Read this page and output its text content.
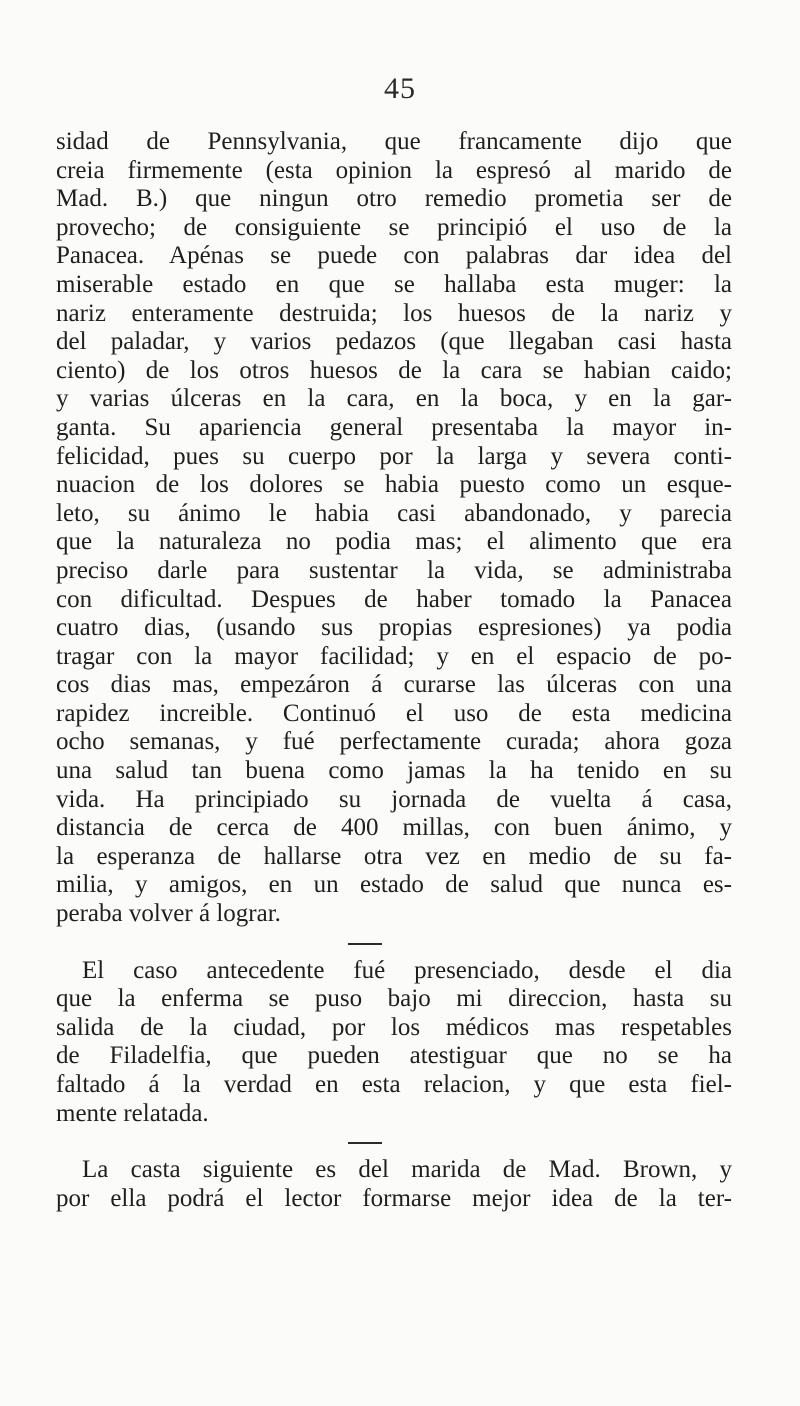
45

sidad de Pennsylvania, que francamente dijo que
creia firmemente (esta opinion la espresó al marido de
Mad. B.) que ningun otro remedio prometia ser de
provecho; de consiguiente se principió el uso de la
Panacea. Apénas se puede con palabras dar idea del
miserable estado en que se hallaba esta muger: la
nariz enteramente destruida; los huesos de la nariz y
del paladar, y varios pedazos (que llegaban casi hasta
ciento) de los otros huesos de la cara se habian caido;
y varias úlceras en la cara, en la boca, y en la gar-
ganta. Su apariencia general presentaba la mayor in-
felicidad, pues su cuerpo por la larga y severa conti-
nuacion de los dolores se habia puesto como un esque-
leto, su ánimo le habia casi abandonado, y parecia
que la naturaleza no podia mas; el alimento que era
preciso darle para sustentar la vida, se administraba
con dificultad. Despues de haber tomado la Panacea
cuatro dias, (usando sus propias espresiones) ya podia
tragar con la mayor facilidad; y en el espacio de po-
cos dias mas, empezáron á curarse las úlceras con una
rapidez increible. Continuó el uso de esta medicina
ocho semanas, y fué perfectamente curada; ahora goza
una salud tan buena como jamas la ha tenido en su
vida. Ha principiado su jornada de vuelta á casa,
distancia de cerca de 400 millas, con buen ánimo, y
la esperanza de hallarse otra vez en medio de su fa-
milia, y amigos, en un estado de salud que nunca es-
peraba volver á lograr.

El caso antecedente fué presenciado, desde el dia
que la enferma se puso bajo mi direccion, hasta su
salida de la ciudad, por los médicos mas respetables
de Filadelfia, que pueden atestiguar que no se ha
faltado á la verdad en esta relacion, y que esta fiel-
mente relatada.

La casta siguiente es del marida de Mad. Brown, y
por ella podrá el lector formarse mejor idea de la ter-
